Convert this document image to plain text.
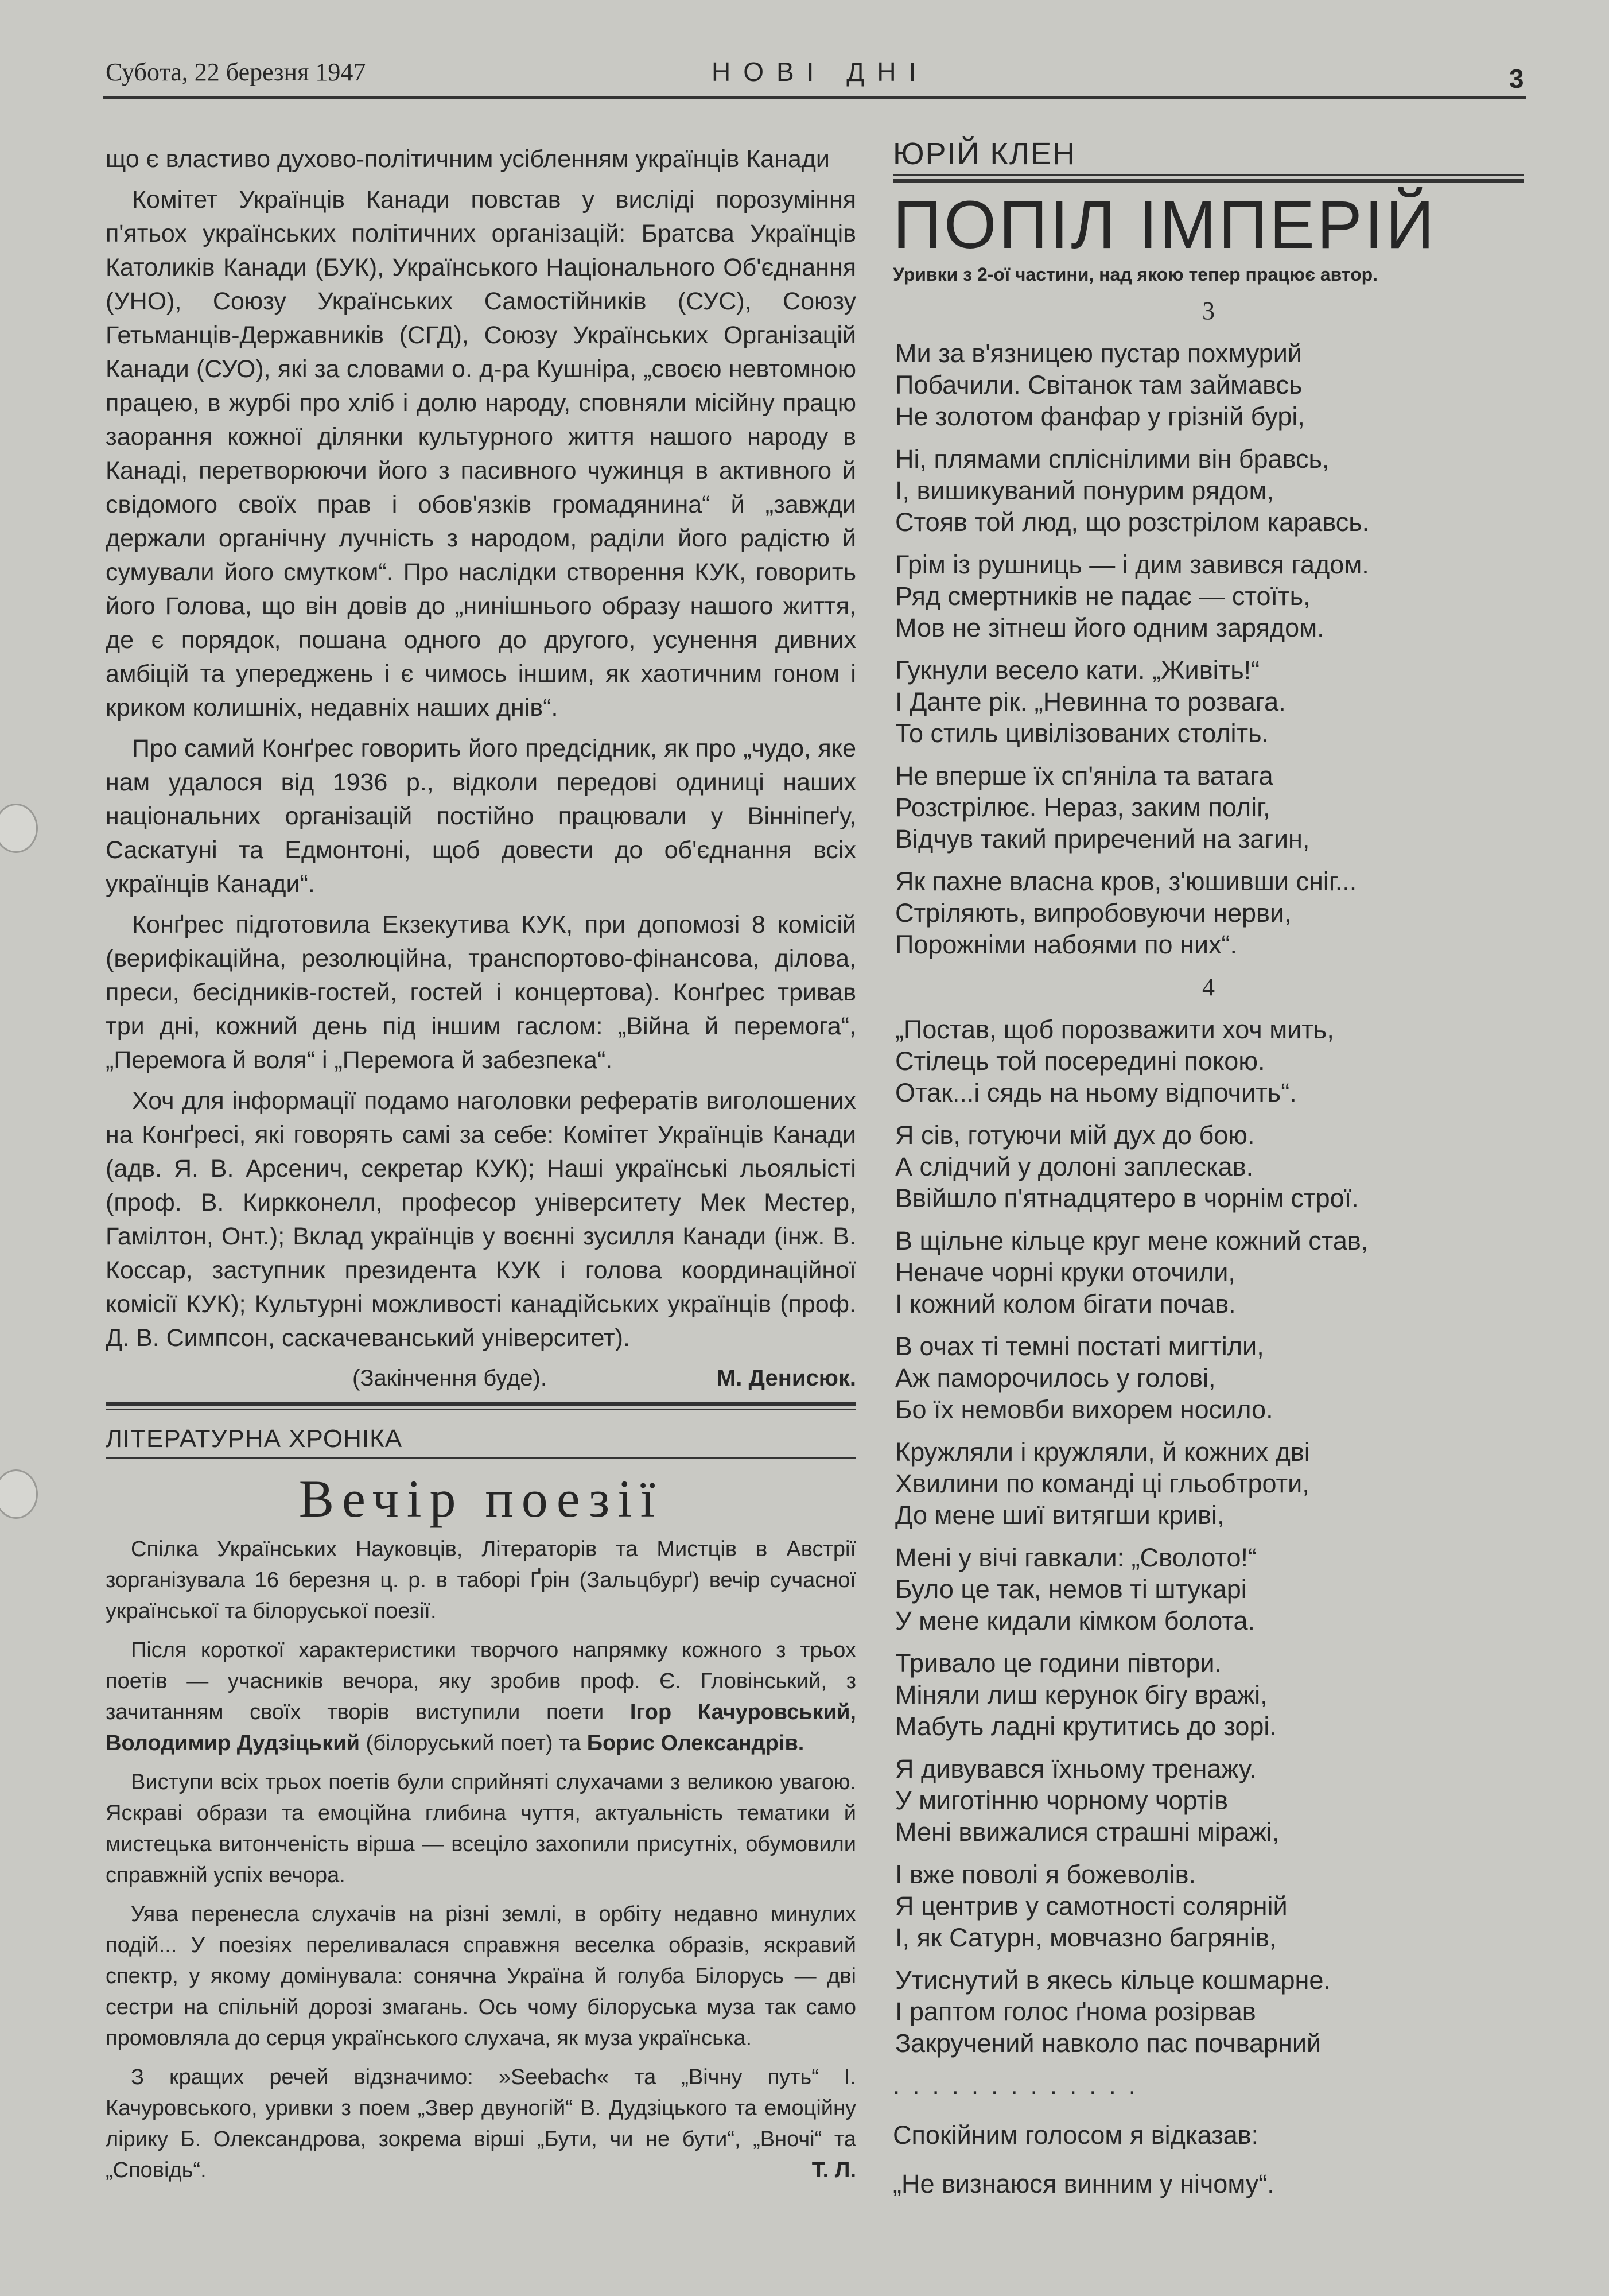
Субота, 22 березня 1947	НОВІ ДНІ	3

що є властиво духово-політичним усібленням українців Канади

Комітет Українців Канади повстав у висліді порозуміння п'ятьох українських політичних організацій: Братсва Українців Католиків Канади (БУК), Українського Національного Об'єднання (УНО), Союзу Українських Самостійників (СУС), Союзу Гетьманців-Державників (СГД), Союзу Українських Організацій Канади (СУО), які за словами о. д-ра Кушніра, „своєю невтомною працею, в журбі про хліб і долю народу, сповняли місійну працю заорання кожної ділянки культурного життя нашого народу в Канаді, перетворюючи його з пасивного чужинця в активного й свідомого своїх прав і обов'язків громадянина“ й „завжди держали органічну лучність з народом, раділи його радістю й сумували його смутком“. Про наслідки створення КУК, говорить його Голова, що він довів до „нинішнього образу нашого життя, де є порядок, пошана одного до другого, усунення дивних амбіцій та упереджень і є чимось іншим, як хаотичним гоном і криком колишніх, недавніх наших днів“.

Про самий Конґрес говорить його предсідник, як про „чудо, яке нам удалося від 1936 р., відколи передові одиниці наших національних організацій постійно працювали у Вінніпеґу, Саскатуні та Едмонтоні, щоб довести до об'єднання всіх українців Канади“.

Конґрес підготовила Екзекутива КУК, при допомозі 8 комісій (верифікаційна, резолюційна, транспортово-фінансова, ділова, преси, бесідників-гостей, гостей і концертова). Конґрес тривав три дні, кожний день під іншим гаслом: „Війна й перемога“, „Перемога й воля“ і „Перемога й забезпека“.

Хоч для інформації подамо наголовки рефератів виголошених на Конґресі, які говорять самі за себе: Комітет Українців Канади (адв. Я. В. Арсенич, секретар КУК); Наші українські льояльісті (проф. В. Киркконелл, професор університету Мек Местер, Гамілтон, Онт.); Вклад українців у воєнні зусилля Канади (інж. В. Коссар, заступник президента КУК і голова координаційної комісії КУК); Культурні можливості канадійських українців (проф. Д. В. Симпсон, саскачеванський університет).

(Закінчення буде).	М. Денисюк.
ЛІТЕРАТУРНА ХРОНІКА
Вечір поезії

Спілка Українських Науковців, Літераторів та Мистців в Австрії зорганізувала 16 березня ц. р. в таборі Ґрін (Зальцбурґ) вечір сучасної української та білоруської поезії.

Після короткої характеристики творчого напрямку кожного з трьох поетів — учасників вечора, яку зробив проф. Є. Гловінський, з зачитанням своїх творів виступили поети Ігор Качуровський, Володимир Дудзіцький (білоруський поет) та Борис Олександрів.

Виступи всіх трьох поетів були сприйняті слухачами з великою увагою. Яскраві образи та емоційна глибина чуття, актуальність тематики й мистецька витонченість вірша — всеціло захопили присутніх, обумовили справжній успіх вечора.

Уява перенесла слухачів на різні землі, в орбіту недавно минулих подій... У поезіях переливалася справжня веселка образів, яскравий спектр, у якому домінувала: сонячна Україна й голуба Білорусь — дві сестри на спільній дорозі змагань. Ось чому білоруська муза так само промовляла до серця українського слухача, як муза українська.

З кращих речей відзначимо: »Seebach« та „Вічну путь“ І. Качуровського, уривки з поем „Звер двуногій“ В. Дудзіцького та емоційну лірику Б. Олександрова, зокрема вірші „Бути, чи не бути“, „Вночі“ та „Сповідь“.	Т. Л.

ЮРІЙ КЛЕН
ПОПІЛ ІМПЕРІЙ
Уривки з 2-ої частини, над якою тепер працює автор.
3
Ми за в'язницею пустар похмурий
Побачили. Світанок там займавсь
Не золотом фанфар у грізній бурі,
Ні, плямами спліснілими він бравсь,
І, вишикуваний понурим рядом,
Стояв той люд, що розстрілом каравсь.
Грім із рушниць — і дим завився гадом.
Ряд смертників не падає — стоїть,
Мов не зітнеш його одним зарядом.
Гукнули весело кати. „Живіть!“
І Данте рік. „Невинна то розвага.
То стиль цивілізованих століть.
Не вперше їх сп'яніла та ватага
Розстрілює. Нераз, заким поліг,
Відчув такий приречений на загин,
Як пахне власна кров, з'юшивши сніг...
Стріляють, випробовуючи нерви,
Порожніми набоями по них“.
4
„Постав, щоб порозважити хоч мить,
Стілець той посередині покою.
Отак...і сядь на ньому відпочить“.
Я сів, готуючи мій дух до бою.
А слідчий у долоні заплескав.
Ввійшло п'ятнадцятеро в чорнім строї.
В щільне кільце круг мене кожний став,
Неначе чорні круки оточили,
І кожний колом бігати почав.
В очах ті темні постаті мигтіли,
Аж паморочилось у голові,
Бо їх немовби вихорем носило.
Кружляли і кружляли, й кожних дві
Хвилини по команді ці гльобтроти,
До мене шиї витягши криві,
Мені у вічі гавкали: „Сволото!“
Було це так, немов ті штукарі
У мене кидали кімком болота.
Тривало це години півтори.
Міняли лиш керунок бігу вражі,
Мабуть ладні крутитись до зорі.
Я дивувався їхньому тренажу.
У миготінню чорному чортів
Мені ввижалися страшні міражі,
І вже поволі я божеволів.
Я центрив у самотності солярній
І, як Сатурн, мовчазно багрянів,
Утиснутий в якесь кільце кошмарне.
І раптом голос ґнома розірвав
Закручений навколо пас почварний
.............
Спокійним голосом я відказав:
„Не визнаюся винним у нічому“.
